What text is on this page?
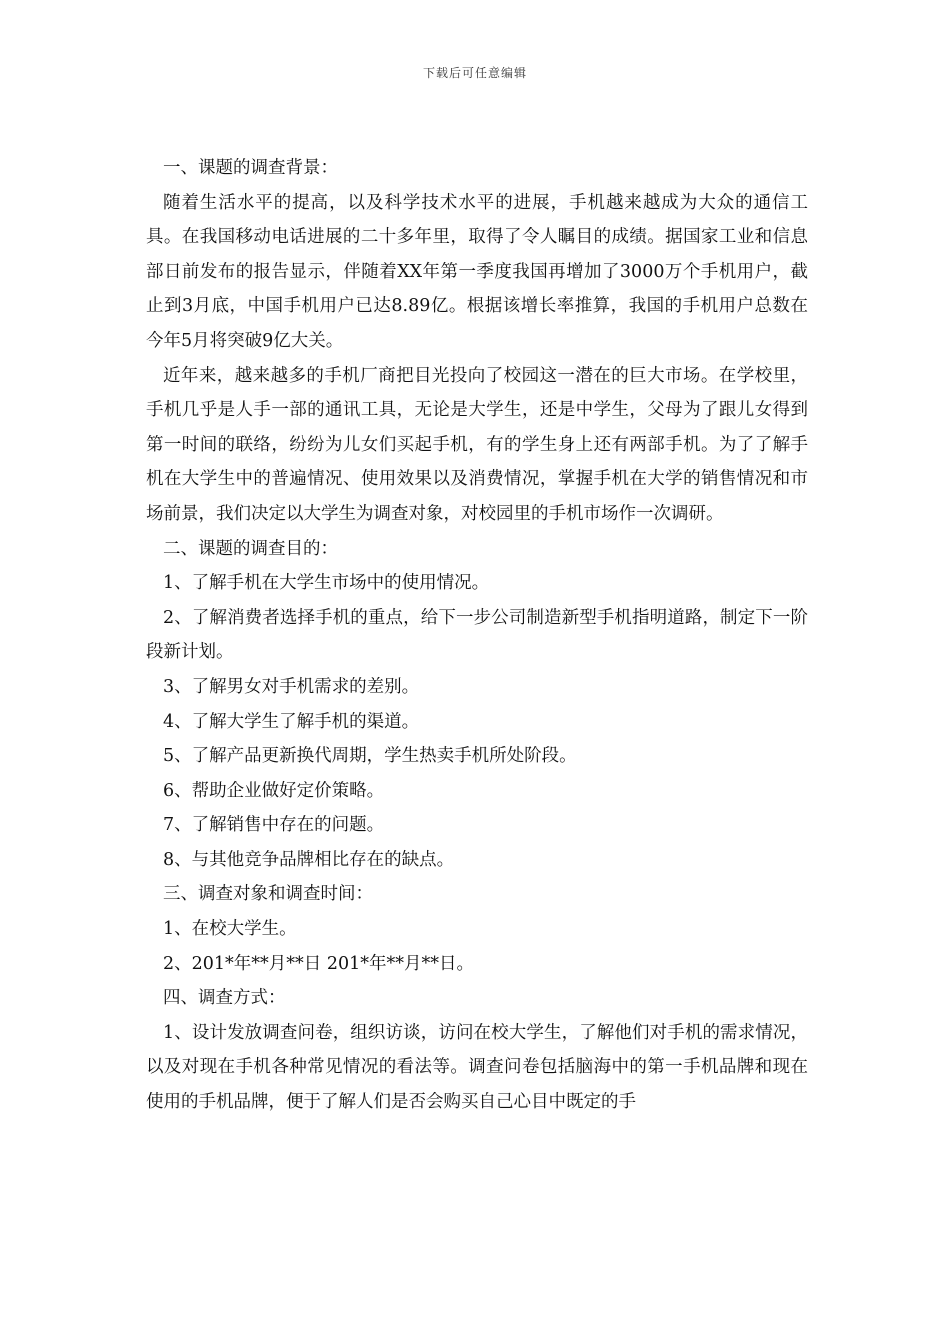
下载后可任意编辑

一、课题的调查背景：

随着生活水平的提高，以及科学技术水平的进展，手机越来越成为大众的通信工具。在我国移动电话进展的二十多年里，取得了令人瞩目的成绩。据国家工业和信息部日前发布的报告显示，伴随着XX年第一季度我国再增加了3000万个手机用户，截止到3月底，中国手机用户已达8.89亿。根据该增长率推算，我国的手机用户总数在今年5月将突破9亿大关。

近年来，越来越多的手机厂商把目光投向了校园这一潜在的巨大市场。在学校里，手机几乎是人手一部的通讯工具，无论是大学生，还是中学生，父母为了跟儿女得到第一时间的联络，纷纷为儿女们买起手机，有的学生身上还有两部手机。为了了解手机在大学生中的普遍情况、使用效果以及消费情况，掌握手机在大学的销售情况和市场前景，我们决定以大学生为调查对象，对校园里的手机市场作一次调研。

二、课题的调查目的：

1、了解手机在大学生市场中的使用情况。

2、了解消费者选择手机的重点，给下一步公司制造新型手机指明道路，制定下一阶段新计划。

3、了解男女对手机需求的差别。

4、了解大学生了解手机的渠道。

5、了解产品更新换代周期，学生热卖手机所处阶段。

6、帮助企业做好定价策略。

7、了解销售中存在的问题。

8、与其他竞争品牌相比存在的缺点。

三、调查对象和调查时间：

1、在校大学生。

2、201*年**月**日 201*年**月**日。

四、调查方式：

1、设计发放调查问卷，组织访谈，访问在校大学生，了解他们对手机的需求情况，以及对现在手机各种常见情况的看法等。调查问卷包括脑海中的第一手机品牌和现在使用的手机品牌，便于了解人们是否会购买自己心目中既定的手
